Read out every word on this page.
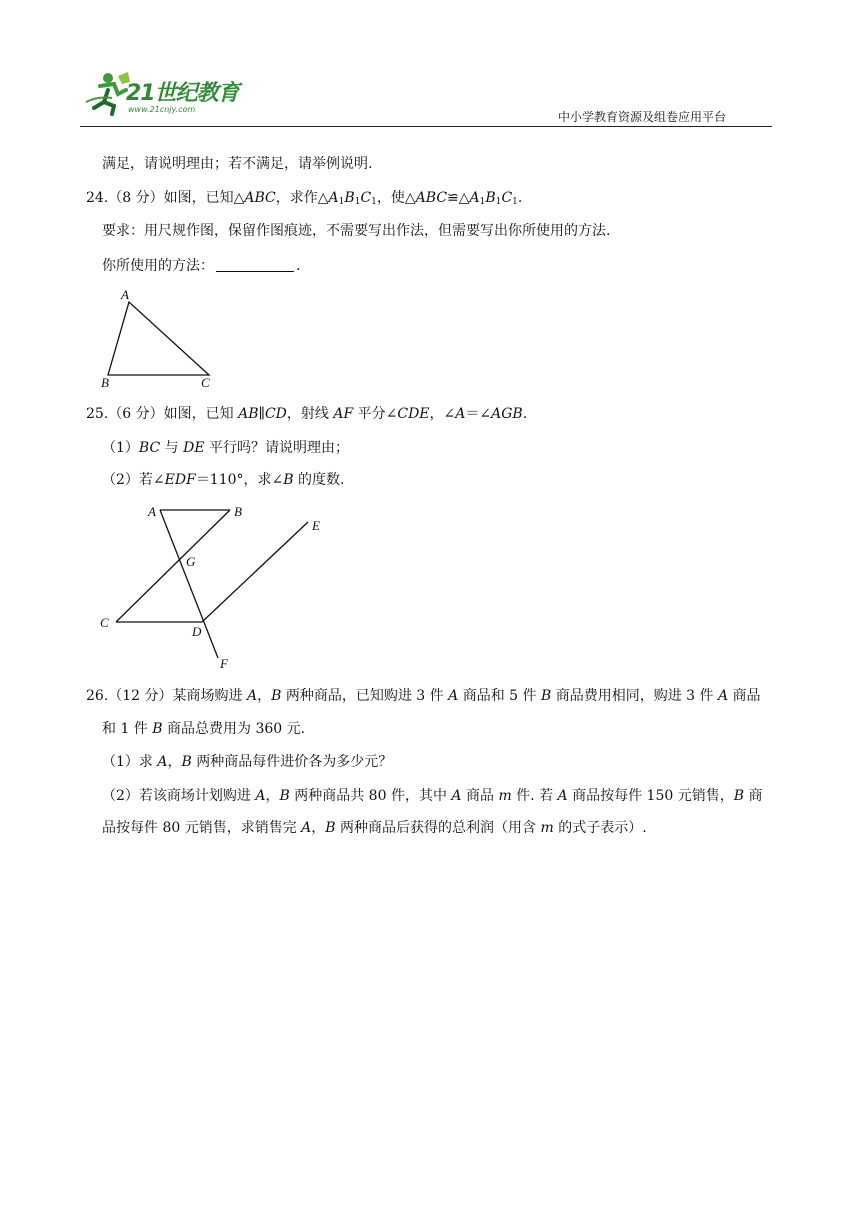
21世纪教育
www.21cnjy.com
中小学教育资源及组卷应用平台
满足，请说明理由；若不满足，请举例说明.
24.（8 分）如图，已知△ABC，求作$\triangle A_1B_1C_1$，使$\triangle ABC≌\triangle A_1B_1C_1$.
要求：用尺规作图，保留作图痕迹，不需要写出作法，但需要写出你所使用的方法.
你所使用的方法：	.
A
B	C
25.（6 分）如图，已知 AB∥CD，射线 AF 平分∠CDE，∠A＝∠AGB.
（1）BC 与 DE 平行吗？请说明理由；
（2）若∠EDF＝110°，求∠B 的度数.
A	B
E
G
C
D
F
26.（12 分）某商场购进 A，B 两种商品，已知购进 3 件 A 商品和 5 件 B 商品费用相同，购进 3 件 A 商品
和 1 件 B 商品总费用为 360 元.
（1）求 A，B 两种商品每件进价各为多少元？
（2）若该商场计划购进 A，B 两种商品共 80 件，其中 A 商品 m 件. 若 A 商品按每件 150 元销售，B 商
品按每件 80 元销售，求销售完 A，B 两种商品后获得的总利润（用含 m 的式子表示）.
